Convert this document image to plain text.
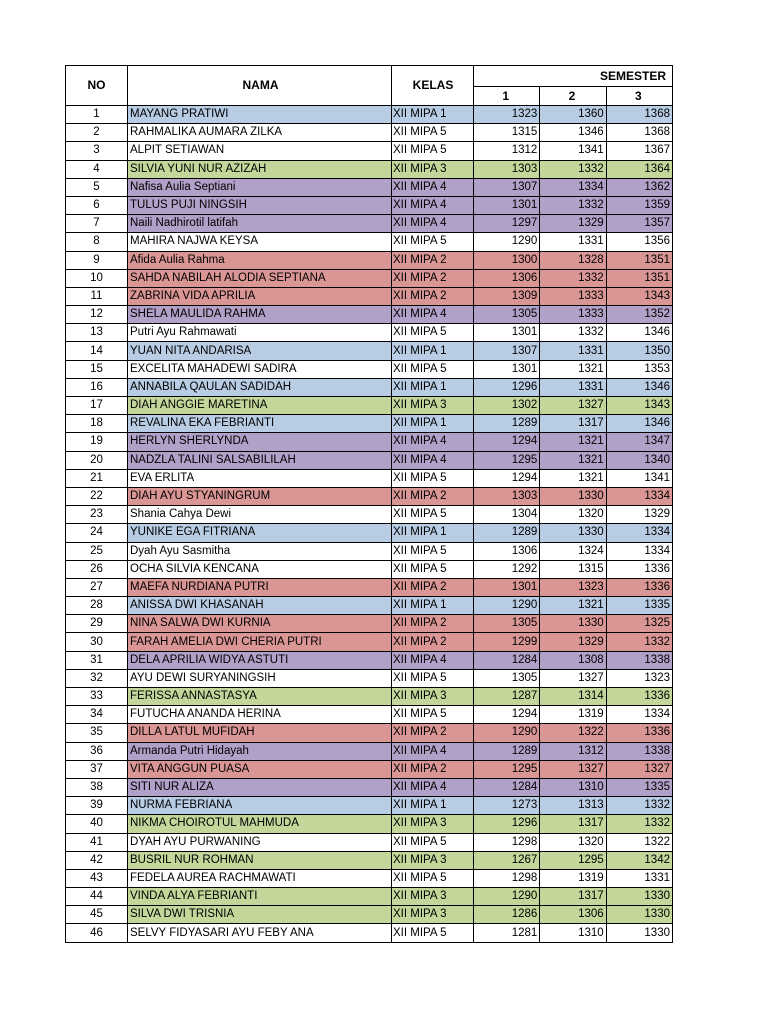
NO	NAMA	KELAS	SEMESTER		
			1	2	3
1	MAYANG PRATIWI	XII MIPA 1	1323	1360	1368
2	RAHMALIKA AUMARA ZILKA	XII MIPA 5	1315	1346	1368
3	ALPIT SETIAWAN	XII MIPA 5	1312	1341	1367
4	SILVIA YUNI NUR AZIZAH	XII MIPA 3	1303	1332	1364
5	Nafisa Aulia Septiani	XII MIPA 4	1307	1334	1362
6	TULUS PUJI NINGSIH	XII MIPA 4	1301	1332	1359
7	Naili Nadhirotil latifah	XII MIPA 4	1297	1329	1357
8	MAHIRA NAJWA KEYSA	XII MIPA 5	1290	1331	1356
9	Afida Aulia Rahma	XII MIPA 2	1300	1328	1351
10	SAHDA NABILAH ALODIA SEPTIANA	XII MIPA 2	1306	1332	1351
11	ZABRINA VIDA APRILIA	XII MIPA 2	1309	1333	1343
12	SHELA MAULIDA RAHMA	XII MIPA 4	1305	1333	1352
13	Putri Ayu Rahmawati	XII MIPA 5	1301	1332	1346
14	YUAN NITA ANDARISA	XII MIPA 1	1307	1331	1350
15	EXCELITA MAHADEWI SADIRA	XII MIPA 5	1301	1321	1353
16	ANNABILA QAULAN SADIDAH	XII MIPA 1	1296	1331	1346
17	DIAH ANGGIE MARETINA	XII MIPA 3	1302	1327	1343
18	REVALINA EKA FEBRIANTI	XII MIPA 1	1289	1317	1346
19	HERLYN SHERLYNDA	XII MIPA 4	1294	1321	1347
20	NADZLA TALINI SALSABILILAH	XII MIPA 4	1295	1321	1340
21	EVA ERLITA	XII MIPA 5	1294	1321	1341
22	DIAH AYU STYANINGRUM	XII MIPA 2	1303	1330	1334
23	Shania Cahya Dewi	XII MIPA 5	1304	1320	1329
24	YUNIKE EGA FITRIANA	XII MIPA 1	1289	1330	1334
25	Dyah Ayu Sasmitha	XII MIPA 5	1306	1324	1334
26	OCHA SILVIA KENCANA	XII MIPA 5	1292	1315	1336
27	MAEFA NURDIANA PUTRI	XII MIPA 2	1301	1323	1336
28	ANISSA DWI KHASANAH	XII MIPA 1	1290	1321	1335
29	NINA SALWA DWI KURNIA	XII MIPA 2	1305	1330	1325
30	FARAH AMELIA DWI CHERIA PUTRI	XII MIPA 2	1299	1329	1332
31	DELA APRILIA WIDYA ASTUTI	XII MIPA 4	1284	1308	1338
32	AYU DEWI SURYANINGSIH	XII MIPA 5	1305	1327	1323
33	FERISSA ANNASTASYA	XII MIPA 3	1287	1314	1336
34	FUTUCHA ANANDA HERINA	XII MIPA 5	1294	1319	1334
35	DILLA LATUL MUFIDAH	XII MIPA 2	1290	1322	1336
36	Armanda Putri Hidayah	XII MIPA 4	1289	1312	1338
37	VITA ANGGUN PUASA	XII MIPA 2	1295	1327	1327
38	SITI NUR ALIZA	XII MIPA 4	1284	1310	1335
39	NURMA FEBRIANA	XII MIPA 1	1273	1313	1332
40	NIKMA CHOIROTUL MAHMUDA	XII MIPA 3	1296	1317	1332
41	DYAH AYU PURWANING	XII MIPA 5	1298	1320	1322
42	BUSRIL NUR ROHMAN	XII MIPA 3	1267	1295	1342
43	FEDELA AUREA RACHMAWATI	XII MIPA 5	1298	1319	1331
44	VINDA ALYA FEBRIANTI	XII MIPA 3	1290	1317	1330
45	SILVA DWI TRISNIA	XII MIPA 3	1286	1306	1330
46	SELVY FIDYASARI AYU FEBY ANA	XII MIPA 5	1281	1310	1330
